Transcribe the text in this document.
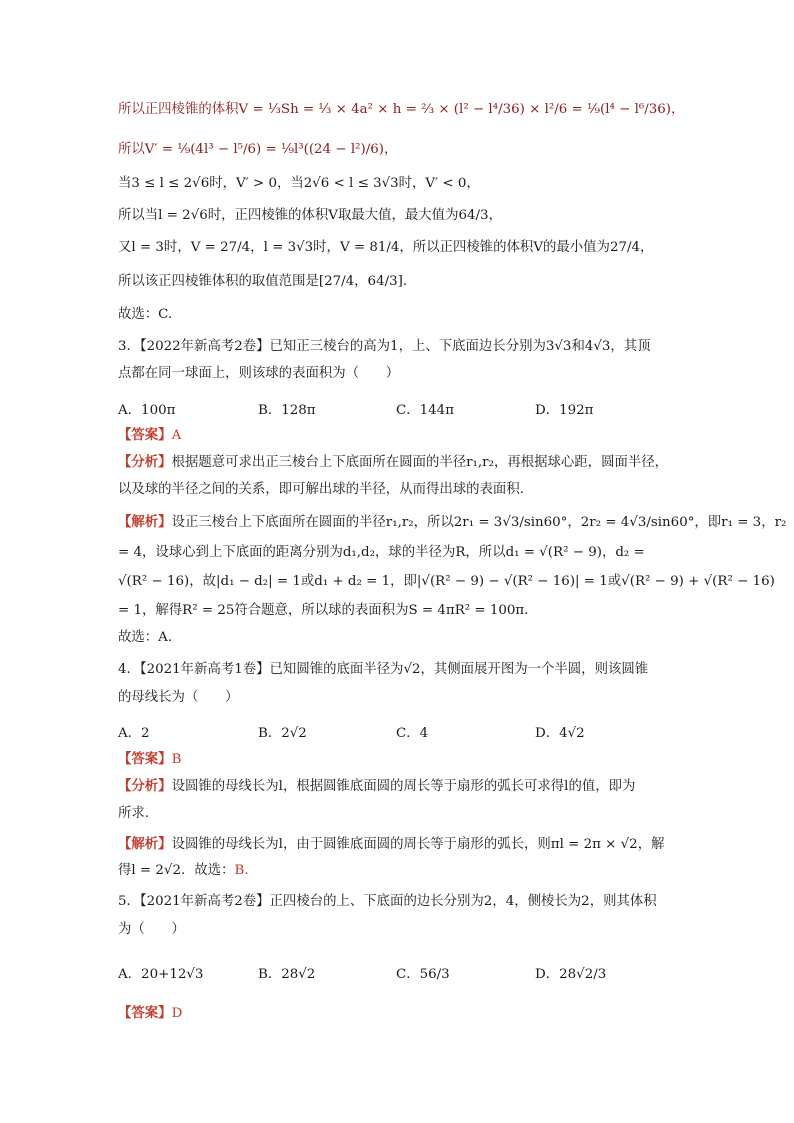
所以正四棱锥的体积V = ⅓Sh = ⅓ × 4a² × h = ⅔ × (l² − l⁴/36) × l²/6 = ⅑(l⁴ − l⁶/36)，
所以V′ = ⅑(4l³ − l⁵/6) = ⅑l³((24 − l²)/6)，
当3 ≤ l ≤ 2√6时，V′ > 0，当2√6 < l ≤ 3√3时，V′ < 0，
所以当l = 2√6时，正四棱锥的体积V取最大值，最大值为64/3，
又l = 3时，V = 27/4，l = 3√3时，V = 81/4，所以正四棱锥的体积V的最小值为27/4，
所以该正四棱锥体积的取值范围是[27/4，64/3].
故选：C.
3．【2022年新高考2卷】已知正三棱台的高为1，上、下底面边长分别为3√3和4√3，其顶
点都在同一球面上，则该球的表面积为（　　）
A．100π	B．128π	C．144π	D．192π
【答案】A
【分析】根据题意可求出正三棱台上下底面所在圆面的半径r₁,r₂，再根据球心距，圆面半径，
以及球的半径之间的关系，即可解出球的半径，从而得出球的表面积．
【解析】设正三棱台上下底面所在圆面的半径r₁,r₂，所以2r₁ = 3√3/sin60°，2r₂ = 4√3/sin60°，即r₁ = 3，r₂
= 4，设球心到上下底面的距离分别为d₁,d₂，球的半径为R，所以d₁ = √(R² − 9)，d₂ =
√(R² − 16)，故|d₁ − d₂| = 1或d₁ + d₂ = 1，即|√(R² − 9) − √(R² − 16)| = 1或√(R² − 9) + √(R² − 16)
= 1，解得R² = 25符合题意，所以球的表面积为S = 4πR² = 100π．
故选：A．
4．【2021年新高考1卷】已知圆锥的底面半径为√2，其侧面展开图为一个半圆，则该圆锥
的母线长为（　　）
A．2	B．2√2	C．4	D．4√2
【答案】B
【分析】设圆锥的母线长为l，根据圆锥底面圆的周长等于扇形的弧长可求得l的值，即为
所求.
【解析】设圆锥的母线长为l，由于圆锥底面圆的周长等于扇形的弧长，则πl = 2π × √2，解
得l = 2√2．故选：B.
5．【2021年新高考2卷】正四棱台的上、下底面的边长分别为2，4，侧棱长为2，则其体积
为（　　）
A．20+12√3	B．28√2	C．56/3	D．28√2/3
【答案】D
